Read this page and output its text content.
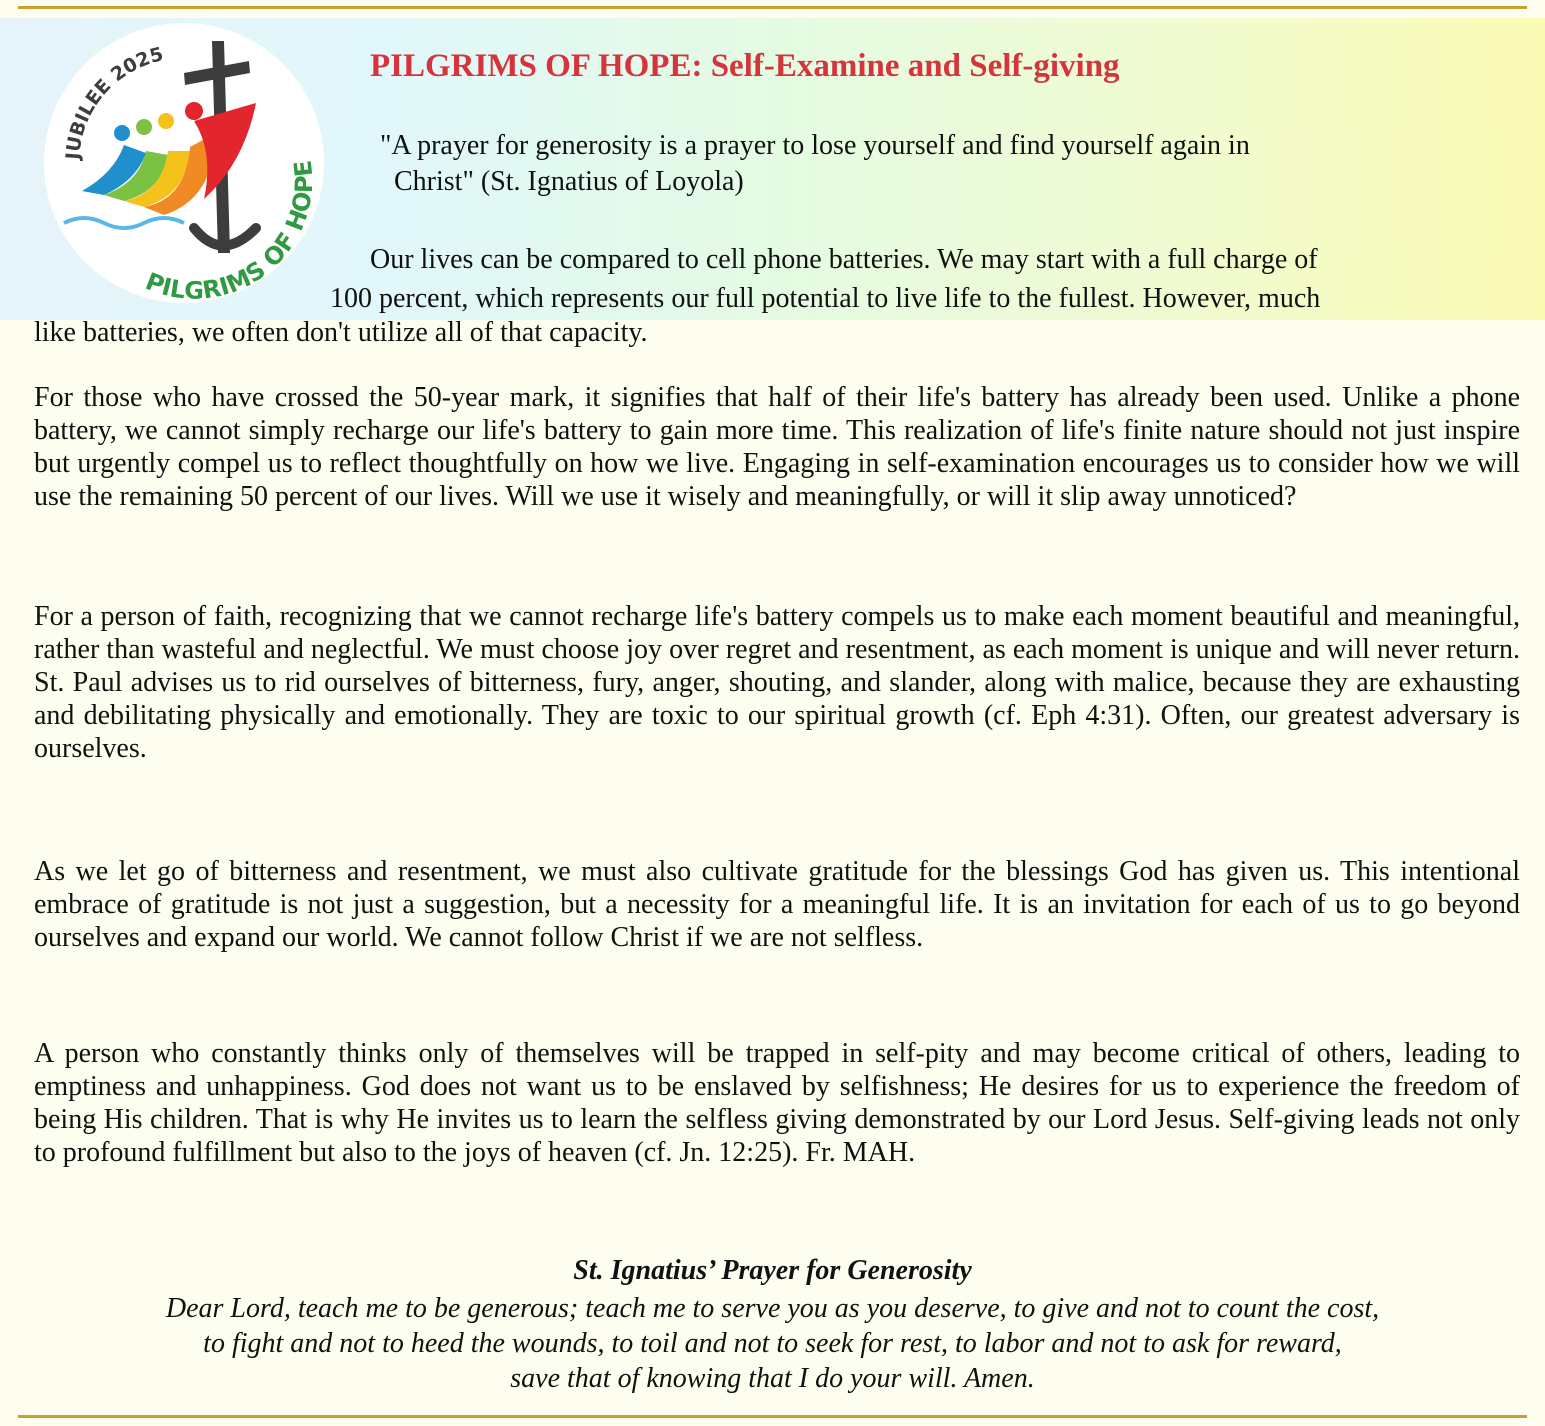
JUBILEE 2025
PILGRIMS OF HOPE
PILGRIMS OF HOPE: Self-Examine and Self-giving
"A prayer for generosity is a prayer to lose yourself and find yourself again in
Christ" (St. Ignatius of Loyola)
Our lives can be compared to cell phone batteries. We may start with a full charge of
100 percent, which represents our full potential to live life to the fullest. However, much
like batteries, we often don't utilize all of that capacity.
For those who have crossed the 50-year mark, it signifies that half of their life's battery has already been used. Unlike a phone battery, we cannot simply recharge our life's battery to gain more time. This realization of life's finite nature should not just inspire but urgently compel us to reflect thoughtfully on how we live. Engaging in self-examination encourages us to consider how we will use the remaining 50 percent of our lives. Will we use it wisely and meaningfully, or will it slip away unnoticed?
For a person of faith, recognizing that we cannot recharge life's battery compels us to make each moment beautiful and meaningful, rather than wasteful and neglectful. We must choose joy over regret and resentment, as each moment is unique and will never return. St. Paul advises us to rid ourselves of bitterness, fury, anger, shouting, and slander, along with malice, because they are exhausting and debilitating physically and emotionally. They are toxic to our spiritual growth (cf. Eph 4:31). Often, our greatest adversary is ourselves.
As we let go of bitterness and resentment, we must also cultivate gratitude for the blessings God has given us. This intentional embrace of gratitude is not just a suggestion, but a necessity for a meaningful life. It is an invitation for each of us to go beyond ourselves and expand our world. We cannot follow Christ if we are not selfless.
A person who constantly thinks only of themselves will be trapped in self-pity and may become critical of others, leading to emptiness and unhappiness. God does not want us to be enslaved by selfishness; He desires for us to experience the freedom of being His children. That is why He invites us to learn the selfless giving demonstrated by our Lord Jesus. Self-giving leads not only to profound fulfillment but also to the joys of heaven (cf. Jn. 12:25). Fr. MAH.
St. Ignatius’ Prayer for Generosity
Dear Lord, teach me to be generous; teach me to serve you as you deserve, to give and not to count the cost,
to fight and not to heed the wounds, to toil and not to seek for rest, to labor and not to ask for reward,
save that of knowing that I do your will. Amen.
